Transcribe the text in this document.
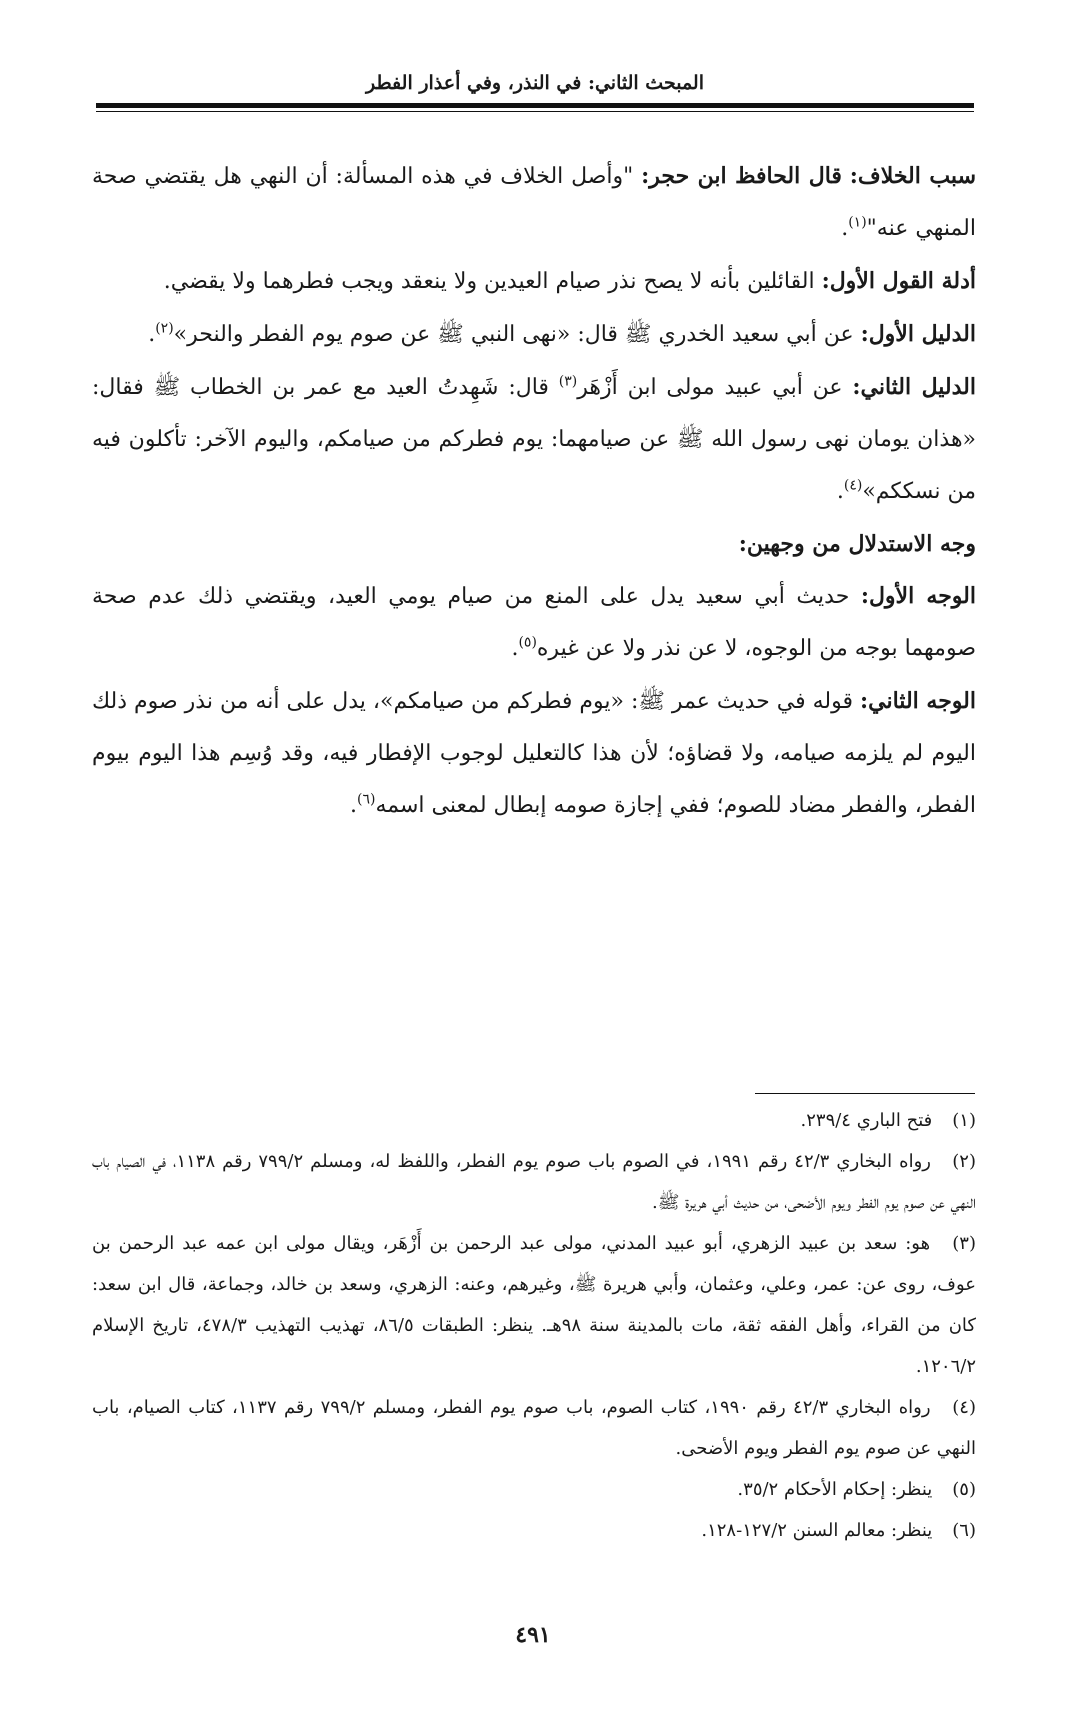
المبحث الثاني: في النذر، وفي أعذار الفطر

سبب الخلاف: قال الحافظ ابن حجر: "وأصل الخلاف في هذه المسألة: أن النهي هل يقتضي صحة المنهي عنه"$^{(١)}$.

أدلة القول الأول: القائلين بأنه لا يصح نذر صيام العيدين ولا ينعقد ويجب فطرهما ولا يقضي.

الدليل الأول: عن أبي سعيد الخدري ﷺ قال: «نهى النبي ﷺ عن صوم يوم الفطر والنحر»$^{(٢)}$.

الدليل الثاني: عن أبي عبيد مولى ابن أَزْهَر$^{(٣)}$ قال: شَهِدتُ العيد مع عمر بن الخطاب ﷺ فقال: «هذان يومان نهى رسول الله ﷺ عن صيامهما: يوم فطركم من صيامكم، واليوم الآخر: تأكلون فيه من نسككم»$^{(٤)}$.

وجه الاستدلال من وجهين:

الوجه الأول: حديث أبي سعيد يدل على المنع من صيام يومي العيد، ويقتضي ذلك عدم صحة صومهما بوجه من الوجوه، لا عن نذر ولا عن غيره$^{(٥)}$.

الوجه الثاني: قوله في حديث عمر ﷺ: «يوم فطركم من صيامكم»، يدل على أنه من نذر صوم ذلك اليوم لم يلزمه صيامه، ولا قضاؤه؛ لأن هذا كالتعليل لوجوب الإفطار فيه، وقد وُسِم هذا اليوم بيوم الفطر، والفطر مضاد للصوم؛ ففي إجازة صومه إبطال لمعنى اسمه$^{(٦)}$.

(١) فتح الباري ٢٣٩/٤.

(٢) رواه البخاري ٤٢/٣ رقم ١٩٩١، في الصوم باب صوم يوم الفطر، واللفظ له، ومسلم ٧٩٩/٢ رقم ١١٣٨، في الصيام باب النهي عن صوم يوم الفطر ويوم الأضحى، من حديث أبي هريرة ﷺ.

(٣) هو: سعد بن عبيد الزهري، أبو عبيد المدني، مولى عبد الرحمن بن أَزْهَر، ويقال مولى ابن عمه عبد الرحمن بن عوف، روى عن: عمر، وعلي، وعثمان، وأبي هريرة ﷺ، وغيرهم، وعنه: الزهري، وسعد بن خالد، وجماعة، قال ابن سعد: كان من القراء، وأهل الفقه ثقة، مات بالمدينة سنة ٩٨هـ. ينظر: الطبقات ٨٦/٥، تهذيب التهذيب ٤٧٨/٣، تاريخ الإسلام ١٢٠٦/٢.

(٤) رواه البخاري ٤٢/٣ رقم ١٩٩٠، كتاب الصوم، باب صوم يوم الفطر، ومسلم ٧٩٩/٢ رقم ١١٣٧، كتاب الصيام، باب النهي عن صوم يوم الفطر ويوم الأضحى.

(٥) ينظر: إحكام الأحكام ٣٥/٢.

(٦) ينظر: معالم السنن ١٢٧/٢-١٢٨.

٤٩١
